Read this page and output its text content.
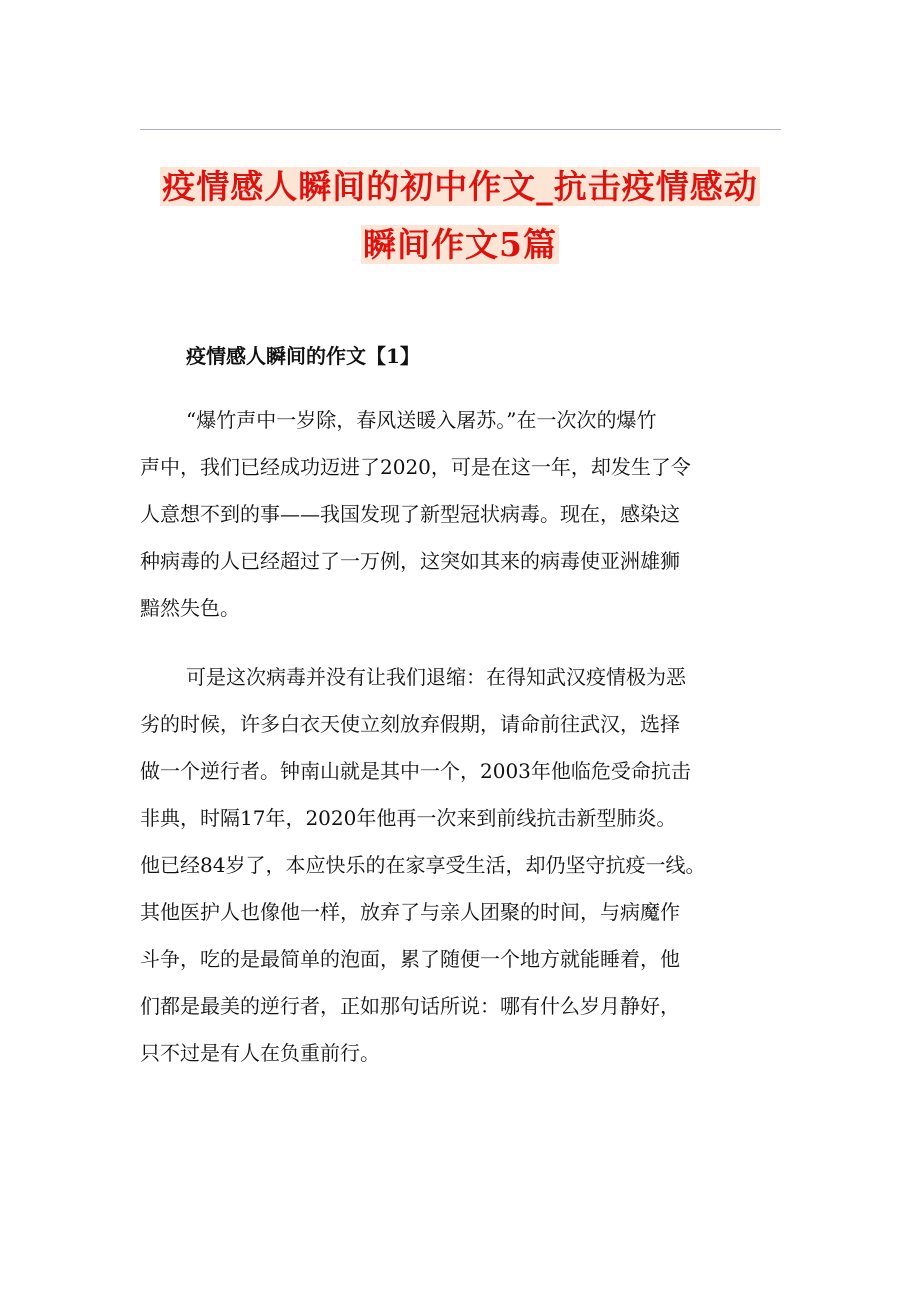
疫情感人瞬间的初中作文_抗击疫情感动
瞬间作文5篇
疫情感人瞬间的作文【1】
“爆竹声中一岁除，春风送暖入屠苏。”在一次次的爆竹
声中，我们已经成功迈进了2020，可是在这一年，却发生了令
人意想不到的事——我国发现了新型冠状病毒。现在，感染这
种病毒的人已经超过了一万例，这突如其来的病毒使亚洲雄狮
黯然失色。
可是这次病毒并没有让我们退缩：在得知武汉疫情极为恶
劣的时候，许多白衣天使立刻放弃假期，请命前往武汉，选择
做一个逆行者。钟南山就是其中一个，2003年他临危受命抗击
非典，时隔17年，2020年他再一次来到前线抗击新型肺炎。
他已经84岁了，本应快乐的在家享受生活，却仍坚守抗疫一线。
其他医护人也像他一样，放弃了与亲人团聚的时间，与病魔作
斗争，吃的是最简单的泡面，累了随便一个地方就能睡着，他
们都是最美的逆行者，正如那句话所说：哪有什么岁月静好，
只不过是有人在负重前行。
